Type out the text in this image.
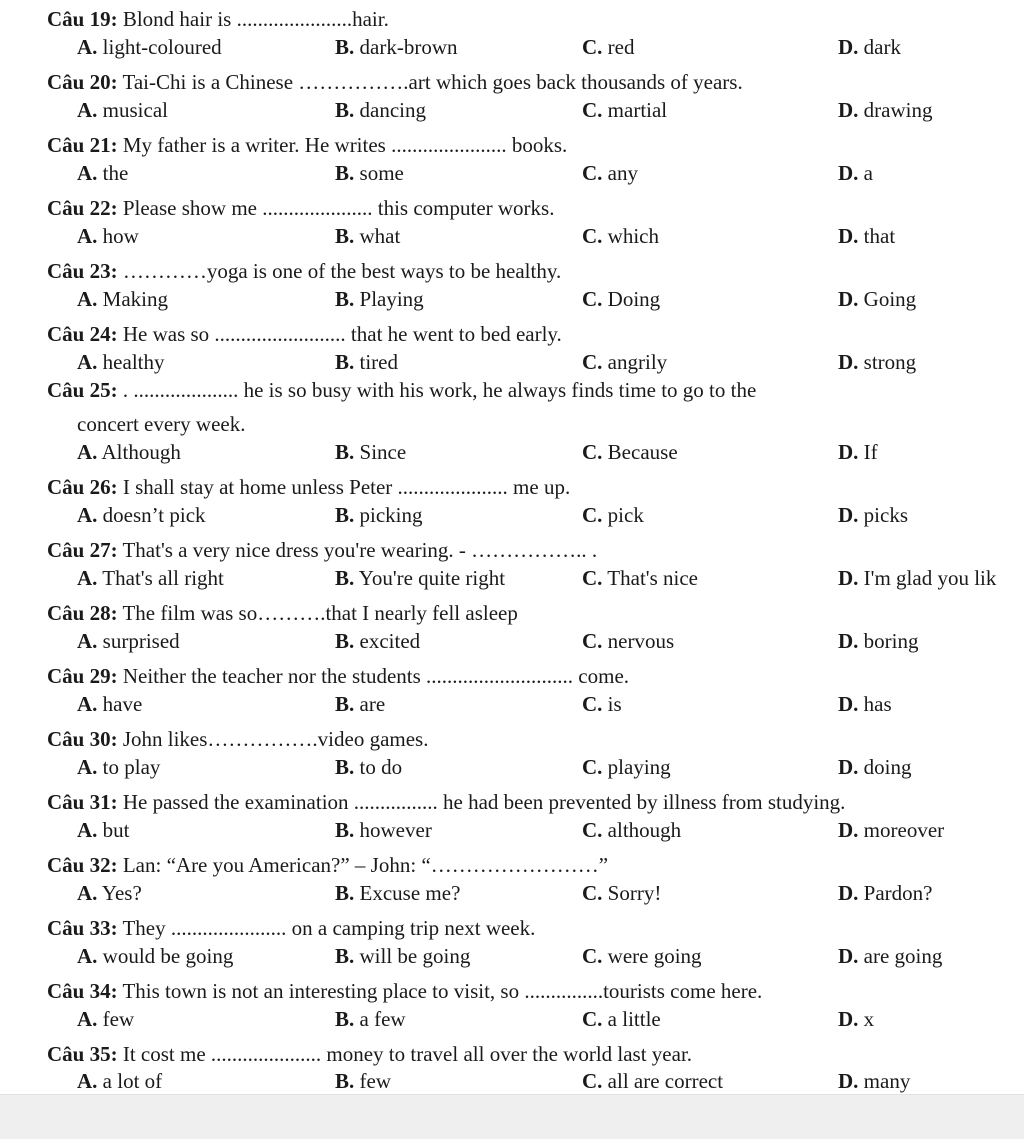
Câu 19: Blond hair is ......................hair.
A. light-coloured	B. dark-brown	C. red	D. dark
Câu 20: Tai-Chi is a Chinese …………….art which goes back thousands of years.
A. musical	B. dancing	C. martial	D. drawing
Câu 21: My father is a writer. He writes ...................... books.
A. the	B. some	C. any	D. a
Câu 22: Please show me ..................... this computer works.
A. how	B. what	C. which	D. that
Câu 23: …………yoga is one of the best ways to be healthy.
A. Making	B. Playing	C. Doing	D. Going
Câu 24: He was so ......................... that he went to bed early.
A. healthy	B. tired	C. angrily	D. strong
Câu 25: . .................... he is so busy with his work, he always finds time to go to the
concert every week.
A. Although	B. Since	C. Because	D. If
Câu 26: I shall stay at home unless Peter ..................... me up.
A. doesn’t pick	B. picking	C. pick	D. picks
Câu 27: That's a very nice dress you're wearing. - …………….. .
A. That's all right	B. You're quite right	C. That's nice	D. I'm glad you lik
Câu 28: The film was so……….that I nearly fell asleep
A. surprised	B. excited	C. nervous	D. boring
Câu 29: Neither the teacher nor the students ............................ come.
A. have	B. are	C. is	D. has
Câu 30: John likes…………….video games.
A. to play	B. to do	C. playing	D. doing
Câu 31: He passed the examination ................ he had been prevented by illness from studying.
A. but	B. however	C. although	D. moreover
Câu 32: Lan: “Are you American?” – John: “……………………”
A. Yes?	B. Excuse me?	C. Sorry!	D. Pardon?
Câu 33: They ...................... on a camping trip next week.
A. would be going	B. will be going	C. were going	D. are going
Câu 34: This town is not an interesting place to visit, so ...............tourists come here.
A. few	B. a few	C. a little	D. x
Câu 35: It cost me ..................... money to travel all over the world last year.
A. a lot of	B. few	C. all are correct	D. many
